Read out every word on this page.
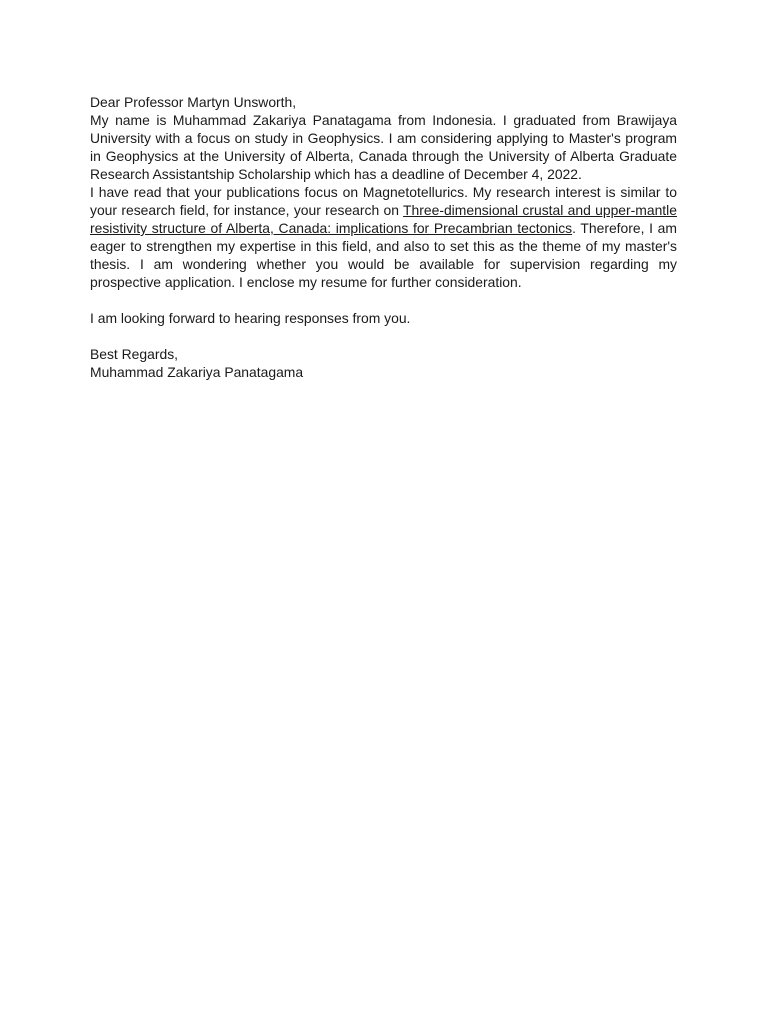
Dear Professor Martyn Unsworth,

My name is Muhammad Zakariya Panatagama from Indonesia. I graduated from Brawijaya University with a focus on study in Geophysics. I am considering applying to Master's program in Geophysics at the University of Alberta, Canada through the University of Alberta Graduate Research Assistantship Scholarship which has a deadline of December 4, 2022.

I have read that your publications focus on Magnetotellurics. My research interest is similar to your research field, for instance, your research on Three-dimensional crustal and upper-mantle resistivity structure of Alberta, Canada: implications for Precambrian tectonics. Therefore, I am eager to strengthen my expertise in this field, and also to set this as the theme of my master's thesis. I am wondering whether you would be available for supervision regarding my prospective application. I enclose my resume for further consideration.

I am looking forward to hearing responses from you.

Best Regards,

Muhammad Zakariya Panatagama
